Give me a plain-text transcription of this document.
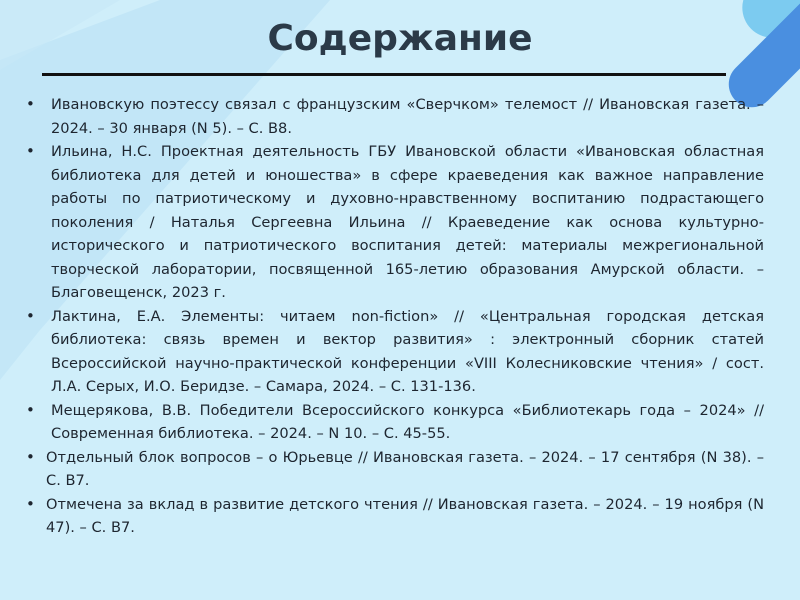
Содержание
• Ивановскую поэтессу связал с французским «Сверчком» телемост // Ивановская газета. – 2024. – 30 января (N 5). – С. В8.
• Ильина, Н.С. Проектная деятельность ГБУ Ивановской области «Ивановская областная библиотека для детей и юношества» в сфере краеведения как важное направление работы по патриотическому и духовно-нравственному воспитанию подрастающего поколения / Наталья Сергеевна Ильина // Краеведение как основа культурно-исторического и патриотического воспитания детей: материалы межрегиональной творческой лаборатории, посвященной 165-летию образования Амурской области. – Благовещенск, 2023 г.
• Лактина, Е.А. Элементы: читаем non-fiction» // «Центральная городская детская библиотека: связь времен и вектор развития» : электронный сборник статей Всероссийской научно-практической конференции «VIII Колесниковские чтения» / сост. Л.А. Серых, И.О. Беридзе. – Самара, 2024. – С. 131-136.
• Мещерякова, В.В. Победители Всероссийского конкурса «Библиотекарь года – 2024» // Современная библиотека. – 2024. – N 10. – С. 45-55.
• Отдельный блок вопросов – о Юрьевце // Ивановская газета. – 2024. – 17 сентября (N 38). – С. В7.
• Отмечена за вклад в развитие детского чтения // Ивановская газета. – 2024. – 19 ноября (N 47). – С. В7.
